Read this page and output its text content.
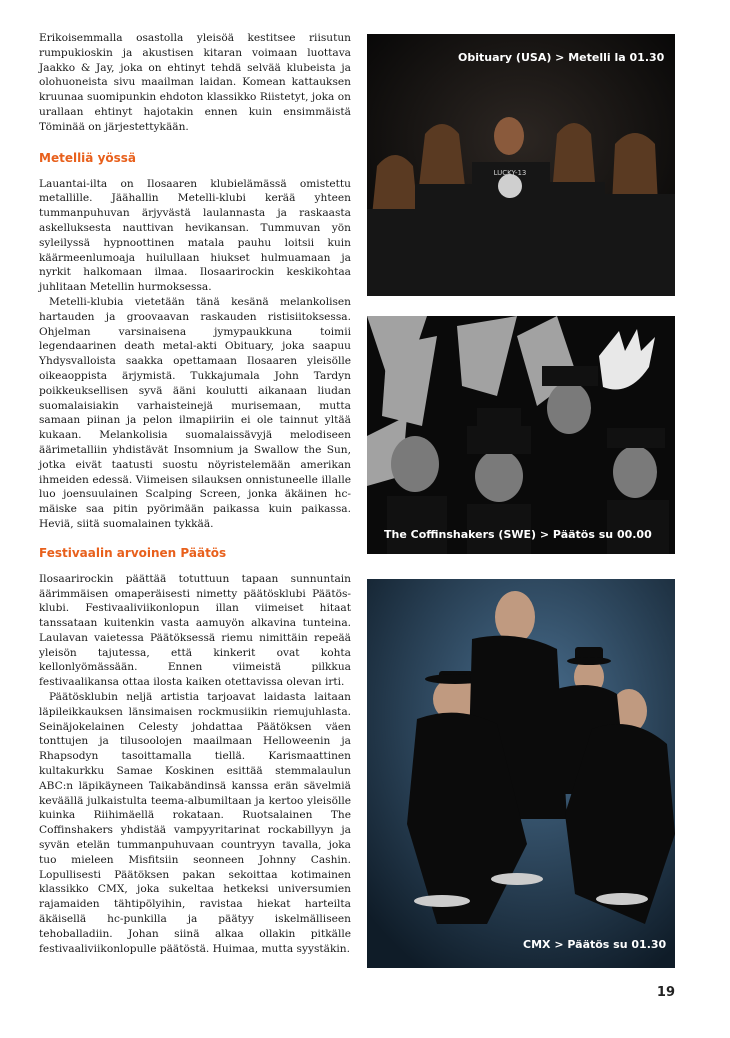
Erikoisemmalla osastolla yleisöä kestitsee riisutun rumpukioskin ja akustisen kitaran voimaan luottava Jaakko & Jay, joka on ehtinyt tehdä selvää klubeista ja olohuoneista sivu maailman laidan. Komean kattauksen kruunaa suomipunkin ehdoton klassikko Riistetyt, joka on urallaan ehtinyt hajotakin ennen kuin ensimmäistä Töminää on järjestettykään.

Metelliä yössä

Lauantai-ilta on Ilosaaren klubielämässä omistettu metallille. Jäähallin Metelli-klubi kerää yhteen tummanpuhuvan ärjyvästä laulannasta ja raskaasta askelluksesta nauttivan hevikansan. Tummuvan yön syleilyssä hypnoottinen matala pauhu loitsii kuin käärmeenlumoaja huilullaan hiukset hulmuamaan ja nyrkit halkomaan ilmaa. Ilosaarirockin keskikohtaa juhlitaan Metellin hurmoksessa.

Metelli-klubia vietetään tänä kesänä melankolisen hartauden ja groovaavan raskauden ristisiitoksessa. Ohjelman varsinaisena jymypaukkuna toimii legendaarinen death metal-akti Obituary, joka saapuu Yhdysvalloista saakka opettamaan Ilosaaren yleisölle oikeaoppista ärjymistä. Tukkajumala John Tardyn poikkeuksellisen syvä ääni koulutti aikanaan liudan suomalaisiakin varhaisteinejä murisemaan, mutta samaan piinan ja pelon ilmapiiriin ei ole tainnut yltää kukaan. Melankolisia suomalaissävyjä melodiseen äärimetalliin yhdistävät Insomnium ja Swallow the Sun, jotka eivät taatusti suostu nöyristelemään amerikan ihmeiden edessä. Viimeisen silauksen onnistuneelle illalle luo joensuulainen Scalping Screen, jonka äkäinen hc-mäiske saa pitin pyörimään paikassa kuin paikassa. Heviä, siitä suomalainen tykkää.

Festivaalin arvoinen Päätös

Ilosaarirockin päättää totuttuun tapaan sunnuntain äärimmäisen omaperäisesti nimetty päätösklubi Päätös-klubi. Festivaaliviikonlopun illan viimeiset hitaat tanssataan kuitenkin vasta aamuyön alkavina tunteina. Laulavan vaietessa Päätöksessä riemu nimittäin repeää yleisön tajutessa, että kinkerit ovat kohta kellonlyömässään. Ennen viimeistä pilkkua festivaalikansa ottaa ilosta kaiken otettavissa olevan irti.

Päätösklubin neljä artistia tarjoavat laidasta laitaan läpileikkauksen länsimaisen rockmusiikin riemujuhlasta. Seinäjokelainen Celesty johdattaa Päätöksen väen tonttujen ja tilusoolojen maailmaan Helloweenin ja Rhapsodyn tasoittamalla tiellä. Karismaattinen kultakurkku Samae Koskinen esittää stemmalaulun ABC:n läpikäyneen Taikabändinsä kanssa erän sävelmiä keväällä julkaistulta teema-albumiltaan ja kertoo yleisölle kuinka Riihimäellä rokataan. Ruotsalainen The Coffinshakers yhdistää vampyyritarinat rockabillyyn ja syvän etelän tummanpuhuvaan countryyn tavalla, joka tuo mieleen Misfitsiin seonneen Johnny Cashin. Lopullisesti Päätöksen pakan sekoittaa kotimainen klassikko CMX, joka sukeltaa hetkeksi universumien rajamaiden tähtipölyihin, ravistaa hiekat harteilta äkäisellä hc-punkilla ja päätyy iskelmälliseen tehoballadiin. Johan siinä alkaa ollakin pitkälle festivaaliviikonlopulle päätöstä. Huimaa, mutta syystäkin.

LUCKY-13
Obituary (USA) > Metelli la 01.30
The Coffinshakers (SWE) > Päätös su 00.00
CMX > Päätös su 01.30
19
